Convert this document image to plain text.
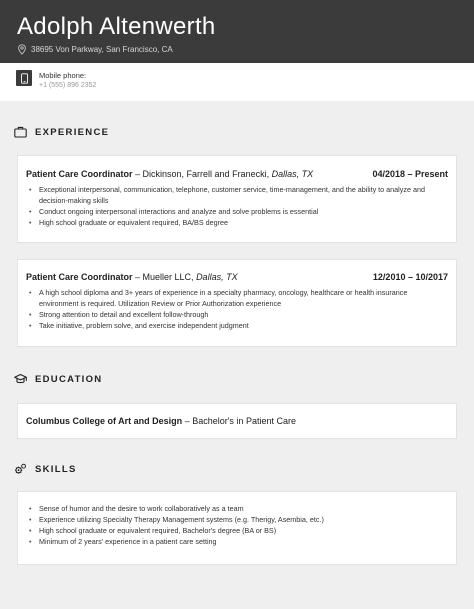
Adolph Altenwerth
38695 Von Parkway, San Francisco, CA
Mobile phone:
+1 (555) 896 2352
EXPERIENCE
Patient Care Coordinator – Dickinson, Farrell and Franecki, Dallas, TX	04/2018 – Present
• Exceptional interpersonal, communication, telephone, customer service, time-management, and the ability to analyze and decision-making skills
• Conduct ongoing interpersonal interactions and analyze and solve problems is essential
• High school graduate or equivalent required, BA/BS degree
Patient Care Coordinator – Mueller LLC, Dallas, TX	12/2010 – 10/2017
• A high school diploma and 3+ years of experience in a specialty pharmacy, oncology, healthcare or health insurance environment is required. Utilization Review or Prior Authorization experience
• Strong attention to detail and excellent follow-through
• Take initiative, problem solve, and exercise independent judgment
EDUCATION
Columbus College of Art and Design – Bachelor's in Patient Care
SKILLS
• Sense of humor and the desire to work collaboratively as a team
• Experience utilizing Specialty Therapy Management systems (e.g. Therigy, Asembia, etc.)
• High school graduate or equivalent required, Bachelor's degree (BA or BS)
• Minimum of 2 years' experience in a patient care setting
